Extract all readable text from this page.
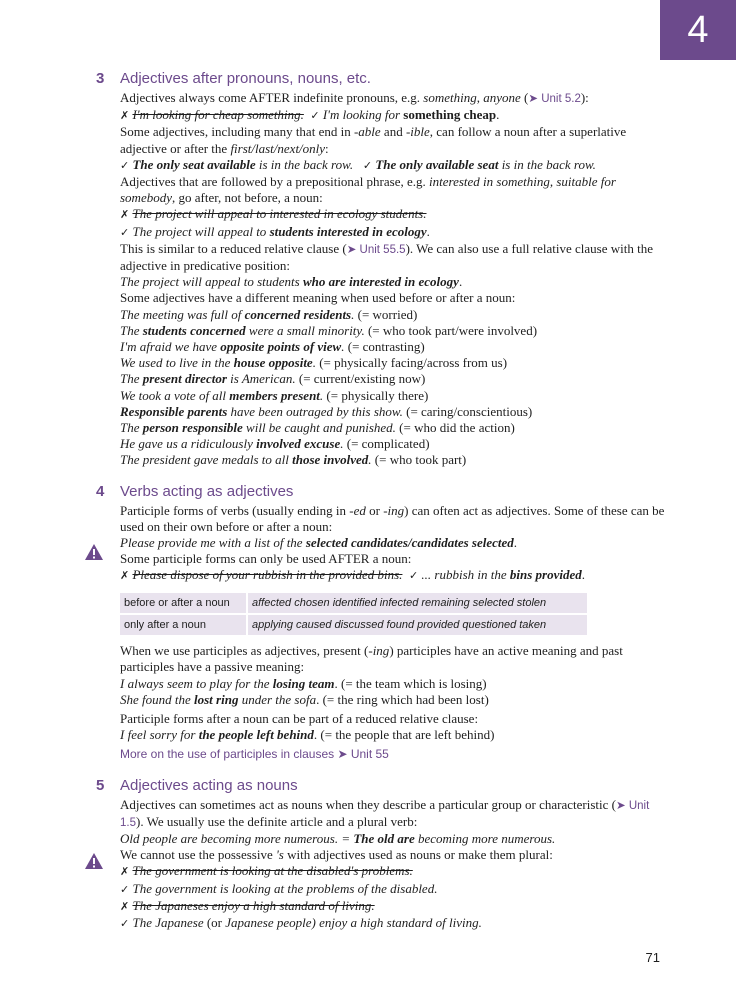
4
3 Adjectives after pronouns, nouns, etc.

Adjectives always come AFTER indefinite pronouns, e.g. something, anyone (➤ Unit 5.2):

✗ I'm looking for cheap something. ✓ I'm looking for something cheap.

Some adjectives, including many that end in -able and -ible, can follow a noun after a superlative adjective or after the first/last/next/only:

✓ The only seat available is in the back row. ✓ The only available seat is in the back row.

Adjectives that are followed by a prepositional phrase, e.g. interested in something, suitable for somebody, go after, not before, a noun:

✗ The project will appeal to interested in ecology students.

✓ The project will appeal to students interested in ecology.

This is similar to a reduced relative clause (➤ Unit 55.5). We can also use a full relative clause with the adjective in predicative position:

The project will appeal to students who are interested in ecology.

Some adjectives have a different meaning when used before or after a noun:

The meeting was full of concerned residents. (= worried)

The students concerned were a small minority. (= who took part/were involved)

I'm afraid we have opposite points of view. (= contrasting)

We used to live in the house opposite. (= physically facing/across from us)

The present director is American. (= current/existing now)

We took a vote of all members present. (= physically there)

Responsible parents have been outraged by this show. (= caring/conscientious)

The person responsible will be caught and punished. (= who did the action)

He gave us a ridiculously involved excuse. (= complicated)

The president gave medals to all those involved. (= who took part)

4 Verbs acting as adjectives

Participle forms of verbs (usually ending in -ed or -ing) can often act as adjectives. Some of these can be used on their own before or after a noun:

Please provide me with a list of the selected candidates/candidates selected.

Some participle forms can only be used AFTER a noun:

✗ Please dispose of your rubbish in the provided bins. ✓ ... rubbish in the bins provided.

before or after a noun	affected chosen identified infected remaining selected stolen
only after a noun	applying caused discussed found provided questioned taken

When we use participles as adjectives, present (-ing) participles have an active meaning and past participles have a passive meaning:

I always seem to play for the losing team. (= the team which is losing)

She found the lost ring under the sofa. (= the ring which had been lost)

Participle forms after a noun can be part of a reduced relative clause:

I feel sorry for the people left behind. (= the people that are left behind)

More on the use of participles in clauses ➤ Unit 55

5 Adjectives acting as nouns

Adjectives can sometimes act as nouns when they describe a particular group or characteristic (➤ Unit 1.5). We usually use the definite article and a plural verb:

Old people are becoming more numerous. = The old are becoming more numerous.

We cannot use the possessive 's with adjectives used as nouns or make them plural:

✗ The government is looking at the disabled's problems.

✓ The government is looking at the problems of the disabled.

✗ The Japaneses enjoy a high standard of living.

✓ The Japanese (or Japanese people) enjoy a high standard of living.

71
